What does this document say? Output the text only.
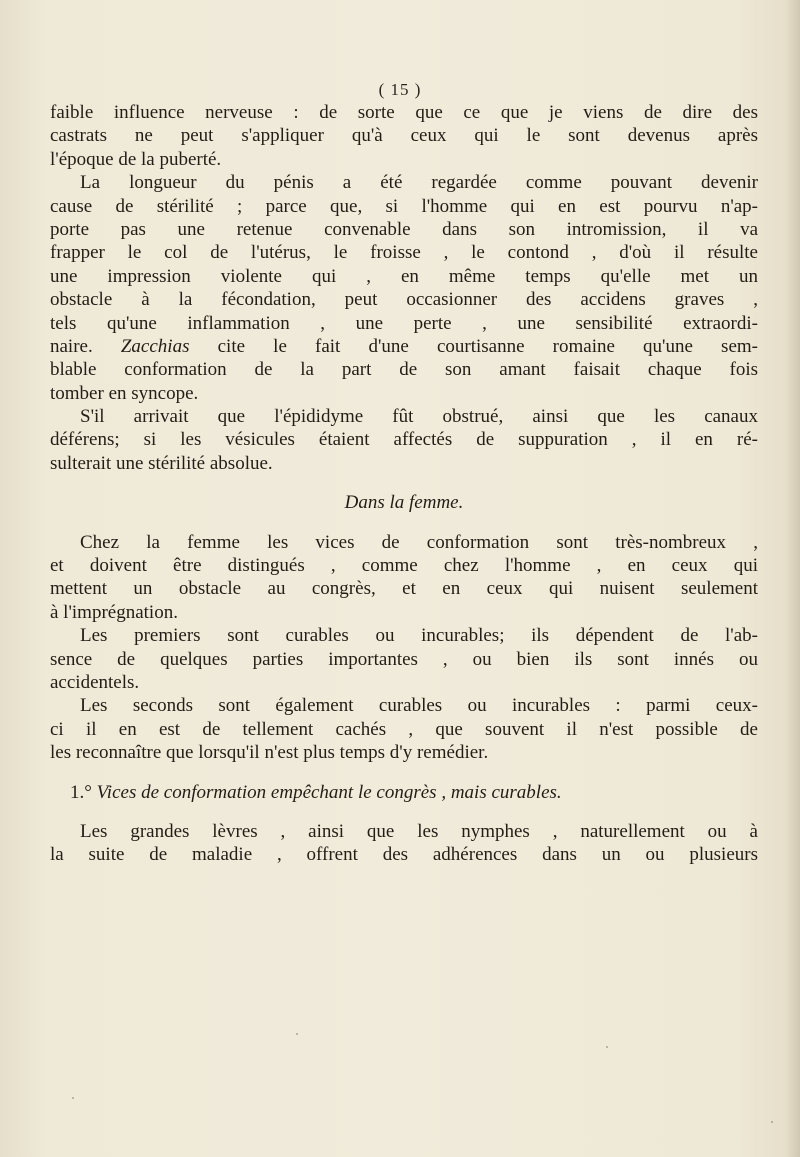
( 15 )
faible influence nerveuse : de sorte que ce que je viens de dire des
castrats ne peut s'appliquer qu'à ceux qui le sont devenus après
l'époque de la puberté.
La longueur du pénis a été regardée comme pouvant devenir
cause de stérilité ; parce que, si l'homme qui en est pourvu n'ap-
porte pas une retenue convenable dans son intromission, il va
frapper le col de l'utérus, le froisse , le contond , d'où il résulte
une impression violente qui , en même temps qu'elle met un
obstacle à la fécondation, peut occasionner des accidens graves ,
tels qu'une inflammation , une perte , une sensibilité extraordi-
naire. Zacchias cite le fait d'une courtisanne romaine qu'une sem-
blable conformation de la part de son amant faisait chaque fois
tomber en syncope.
S'il arrivait que l'épididyme fût obstrué, ainsi que les canaux
déférens; si les vésicules étaient affectés de suppuration , il en ré-
sulterait une stérilité absolue.
Dans la femme.
Chez la femme les vices de conformation sont très-nombreux ,
et doivent être distingués , comme chez l'homme , en ceux qui
mettent un obstacle au congrès, et en ceux qui nuisent seulement
à l'imprégnation.
Les premiers sont curables ou incurables; ils dépendent de l'ab-
sence de quelques parties importantes , ou bien ils sont innés ou
accidentels.
Les seconds sont également curables ou incurables : parmi ceux-
ci il en est de tellement cachés , que souvent il n'est possible de
les reconnaître que lorsqu'il n'est plus temps d'y remédier.
1.° Vices de conformation empêchant le congrès , mais curables.
Les grandes lèvres , ainsi que les nymphes , naturellement ou à
la suite de maladie , offrent des adhérences dans un ou plusieurs
